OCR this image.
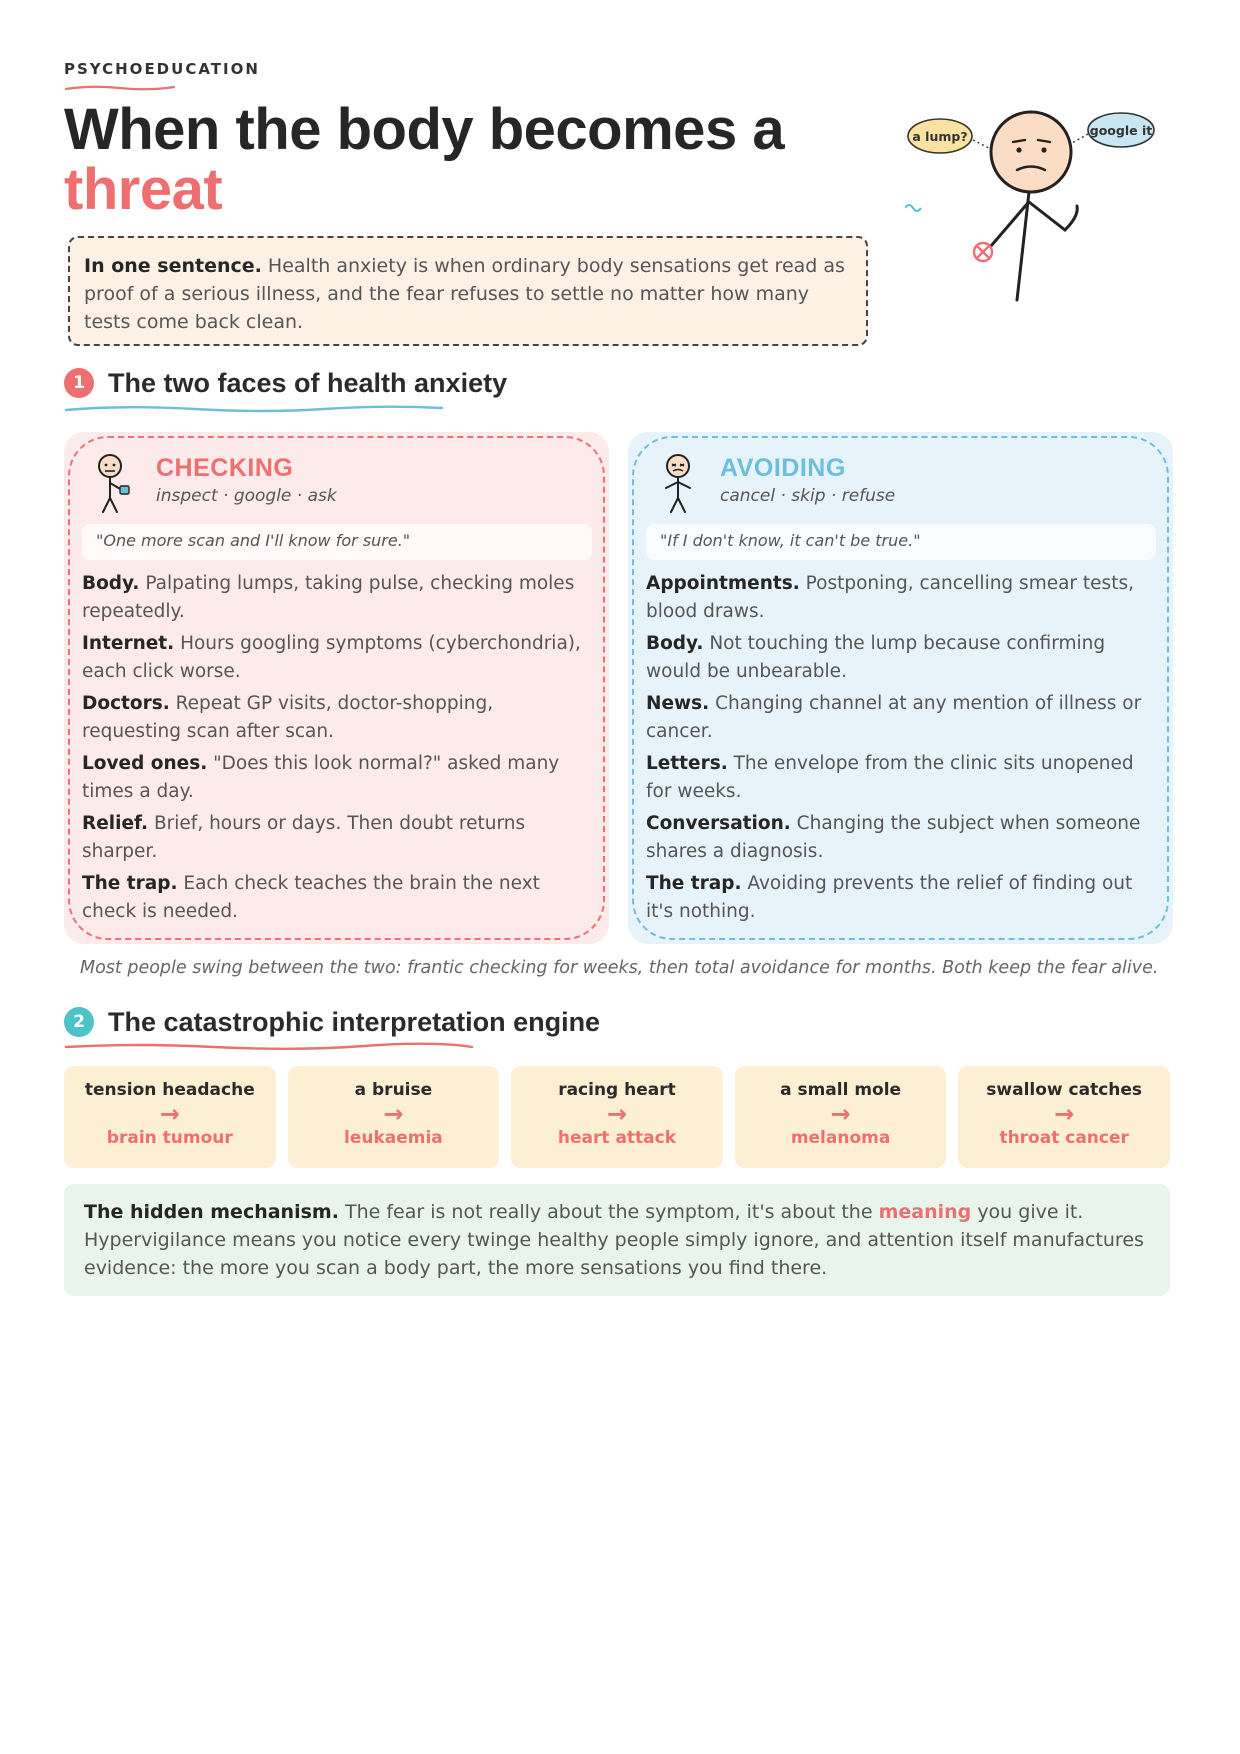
PSYCHOEDUCATION
When the body becomes a
threat
a lump?	google it
In one sentence. Health anxiety is when ordinary body sensations get read as proof of a serious illness, and the fear refuses to settle no matter how many tests come back clean.
1 The two faces of health anxiety
CHECKING
inspect · google · ask
"One more scan and I'll know for sure."

Body. Palpating lumps, taking pulse, checking moles repeatedly.

Internet. Hours googling symptoms (cyberchondria), each click worse.

Doctors. Repeat GP visits, doctor-shopping, requesting scan after scan.

Loved ones. "Does this look normal?" asked many times a day.

Relief. Brief, hours or days. Then doubt returns sharper.

The trap. Each check teaches the brain the next check is needed.

AVOIDING
cancel · skip · refuse
"If I don't know, it can't be true."

Appointments. Postponing, cancelling smear tests, blood draws.

Body. Not touching the lump because confirming would be unbearable.

News. Changing channel at any mention of illness or cancer.

Letters. The envelope from the clinic sits unopened for weeks.

Conversation. Changing the subject when someone shares a diagnosis.

The trap. Avoiding prevents the relief of finding out it's nothing.

Most people swing between the two: frantic checking for weeks, then total avoidance for months. Both keep the fear alive.
2 The catastrophic interpretation engine
tension headache
→
brain tumour
a bruise
→
leukaemia
racing heart
→
heart attack
a small mole
→
melanoma
swallow catches
→
throat cancer
The hidden mechanism. The fear is not really about the symptom, it's about the meaning you give it. Hypervigilance means you notice every twinge healthy people simply ignore, and attention itself manufactures evidence: the more you scan a body part, the more sensations you find there.
